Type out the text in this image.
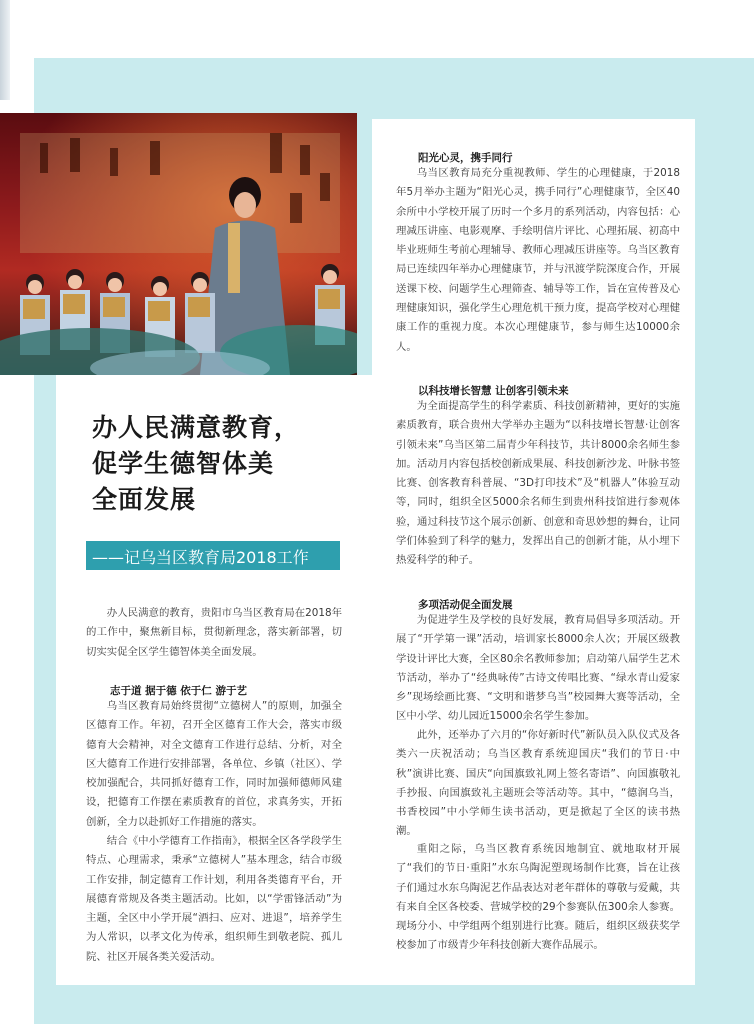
办人民满意教育，
促学生德智体美
全面发展
——记乌当区教育局2018工作

办人民满意的教育，贵阳市乌当区教育局在2018年的工作中，聚焦新目标，贯彻新理念，落实新部署，切切实实促全区学生德智体美全面发展。

志于道 据于德 依于仁 游于艺

乌当区教育局始终贯彻“立德树人”的原则，加强全区德育工作。年初，召开全区德育工作大会，落实市级德育大会精神，对全文德育工作进行总结、分析，对全区大德育工作进行安排部署，各单位、乡镇（社区）、学校加强配合，共同抓好德育工作，同时加强师德师风建设，把德育工作摆在素质教育的首位，求真务实，开拓创新，全力以赴抓好工作措施的落实。

结合《中小学德育工作指南》，根据全区各学段学生特点、心理需求，秉承“立德树人”基本理念，结合市级工作安排，制定德育工作计划，利用各类德育平台，开展德育常规及各类主题活动。比如，以“学雷锋活动”为主题，全区中小学开展“酒扫、应对、进退”，培养学生为人常识，以孝文化为传承，组织师生到敬老院、孤儿院、社区开展各类关爱活动。

阳光心灵，携手同行

乌当区教育局充分重视教师、学生的心理健康，于2018年5月举办主题为“阳光心灵，携手同行”心理健康节，全区40余所中小学校开展了历时一个多月的系列活动，内容包括：心理减压讲座、电影观摩、手绘明信片评比、心理拓展、初高中毕业班师生考前心理辅导、教师心理减压讲座等。乌当区教育局已连续四年举办心理健康节，并与汛渡学院深度合作，开展送课下校、问题学生心理筛查、辅导等工作，旨在宣传普及心理健康知识，强化学生心理危机干预力度，提高学校对心理健康工作的重视力度。本次心理健康节，参与师生达10000余人。

以科技增长智慧 让创客引领未来

为全面提高学生的科学素质、科技创新精神，更好的实施素质教育，联合贵州大学举办主题为“以科技增长智慧·让创客引领未来”乌当区第二届青少年科技节，共计8000余名师生参加。活动月内容包括校创新成果展、科技创新沙龙、叶脉书签比赛、创客教育科普展、“3D打印技术”及“机器人”体验互动等，同时，组织全区5000余名师生到贵州科技馆进行参观体验，通过科技节这个展示创新、创意和奇思妙想的舞台，让同学们体验到了科学的魅力，发挥出自己的创新才能，从小埋下热爱科学的种子。

多项活动促全面发展

为促进学生及学校的良好发展，教育局倡导多项活动。开展了“开学第一课”活动，培训家长8000余人次；开展区级教学设计评比大赛，全区80余名教师参加；启动第八届学生艺术节活动，举办了“经典咏传”古诗文传唱比赛、“绿水青山爱家乡”现场绘画比赛、“文明和谐梦乌当”校园舞大赛等活动，全区中小学、幼儿园近15000余名学生参加。

此外，还举办了六月的“你好新时代”新队员入队仪式及各类六一庆祝活动；乌当区教育系统迎国庆“我们的节日·中秋”演讲比赛、国庆“向国旗致礼网上签名寄语”、向国旗敬礼手抄报、向国旗致礼主题班会等活动等。其中，“德润乌当，书香校园”中小学师生读书活动，更是掀起了全区的读书热潮。

重阳之际，乌当区教育系统因地制宜、就地取材开展了“我们的节日·重阳”水东乌陶泥塑现场制作比赛，旨在让孩子们通过水东乌陶泥艺作品表达对老年群体的尊敬与爱戴，共有来自全区各校委、营城学校的29个参赛队伍300余人参赛。现场分小、中学组两个组别进行比赛。随后，组织区级获奖学校参加了市级青少年科技创新大赛作品展示。
